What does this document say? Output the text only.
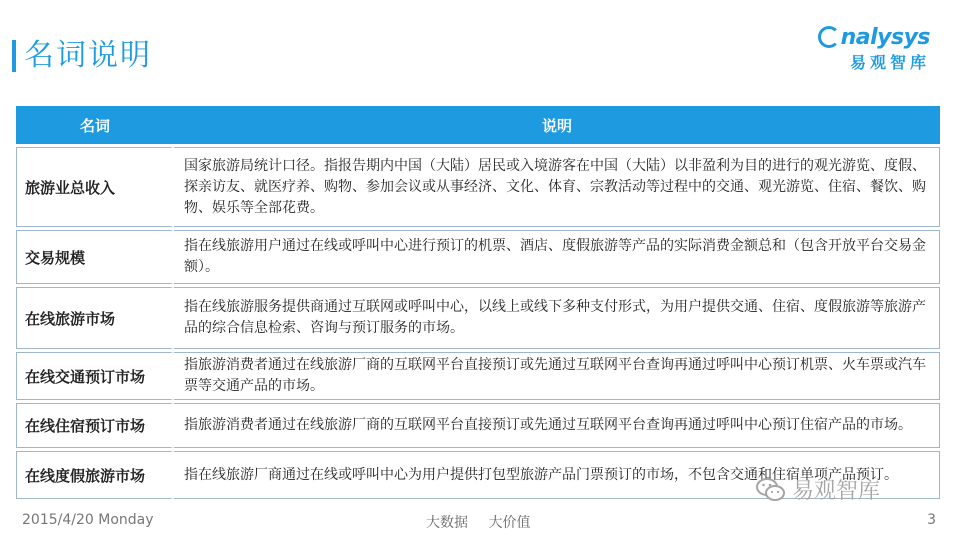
名词说明
nalysys
易观智库
名词	说明
旅游业总收入	国家旅游局统计口径。指报告期内中国（大陆）居民或入境游客在中国（大陆）以非盈利为目的进行的观光游览、度假、探亲访友、就医疗养、购物、参加会议或从事经济、文化、体育、宗教活动等过程中的交通、观光游览、住宿、餐饮、购物、娱乐等全部花费。
交易规模	指在线旅游用户通过在线或呼叫中心进行预订的机票、酒店、度假旅游等产品的实际消费金额总和（包含开放平台交易金额）。
在线旅游市场	指在线旅游服务提供商通过互联网或呼叫中心，以线上或线下多种支付形式，为用户提供交通、住宿、度假旅游等旅游产品的综合信息检索、咨询与预订服务的市场。
在线交通预订市场	指旅游消费者通过在线旅游厂商的互联网平台直接预订或先通过互联网平台查询再通过呼叫中心预订机票、火车票或汽车票等交通产品的市场。
在线住宿预订市场	指旅游消费者通过在线旅游厂商的互联网平台直接预订或先通过互联网平台查询再通过呼叫中心预订住宿产品的市场。
在线度假旅游市场	指在线旅游厂商通过在线或呼叫中心为用户提供打包型旅游产品门票预订的市场，不包含交通和住宿单项产品预订。
易观智库
2015/4/20 Monday	大数据 大价值	3
